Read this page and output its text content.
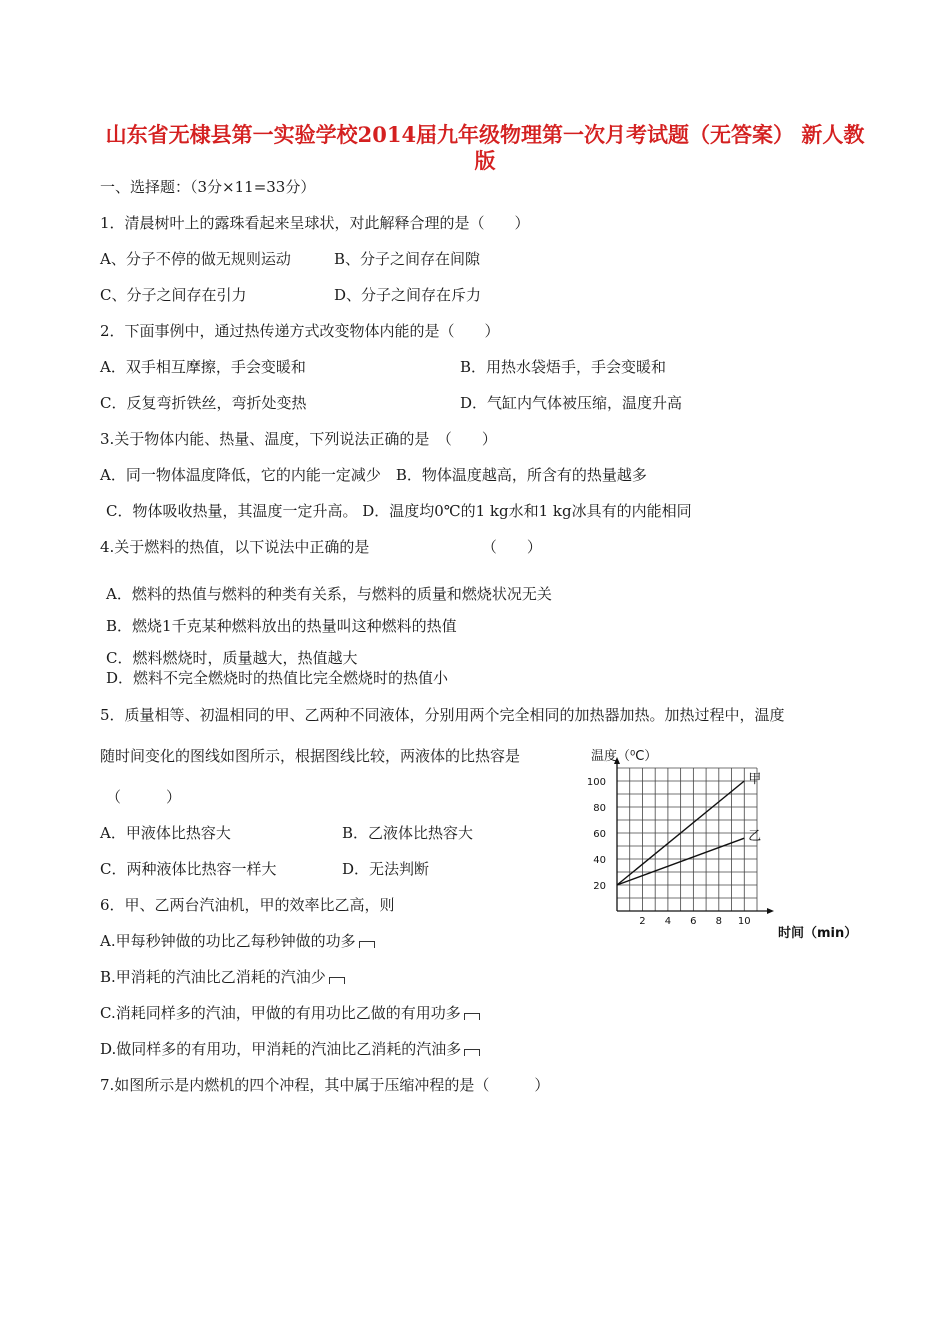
山东省无棣县第一实验学校2014届九年级物理第一次月考试题（无答案） 新人教版
一、选择题：（3分×11=33分）
1．清晨树叶上的露珠看起来呈球状，对此解释合理的是（　　）
A、分子不停的做无规则运动	B、分子之间存在间隙
C、分子之间存在引力	D、分子之间存在斥力
2．下面事例中，通过热传递方式改变物体内能的是（　　）
A．双手相互摩擦，手会变暖和	B．用热水袋焐手，手会变暖和
C．反复弯折铁丝，弯折处变热	D．气缸内气体被压缩，温度升高
3.关于物体内能、热量、温度，下列说法正确的是　（　　）
A．同一物体温度降低，它的内能一定减少　B．物体温度越高，所含有的热量越多
C．物体吸收热量，其温度一定升高。 D．温度均0℃的1 kg水和1 kg冰具有的内能相同
4.关于燃料的热值，以下说法中正确的是　　　　　　　　（　　）
A．燃料的热值与燃料的种类有关系，与燃料的质量和燃烧状况无关
B．燃烧1千克某种燃料放出的热量叫这种燃料的热值
C．燃料燃烧时，质量越大，热值越大
D．燃料不完全燃烧时的热值比完全燃烧时的热值小
5．质量相等、初温相同的甲、乙两种不同液体，分别用两个完全相同的加热器加热。加热过程中，温度
随时间变化的图线如图所示，根据图线比较，两液体的比热容是
（　　　）
A．甲液体比热容大	B．乙液体比热容大
C．两种液体比热容一样大	D．无法判断
6．甲、乙两台汽油机，甲的效率比乙高，则
A.甲每秒钟做的功比乙每秒钟做的功多
B.甲消耗的汽油比乙消耗的汽油少
C.消耗同样多的汽油，甲做的有用功比乙做的有用功多
D.做同样多的有用功，甲消耗的汽油比乙消耗的汽油多
7.如图所示是内燃机的四个冲程，其中属于压缩冲程的是（　　　）
2 4 6 8 10
20
40
60
80
100	甲
乙
温度（⁰C）
时间（min）
